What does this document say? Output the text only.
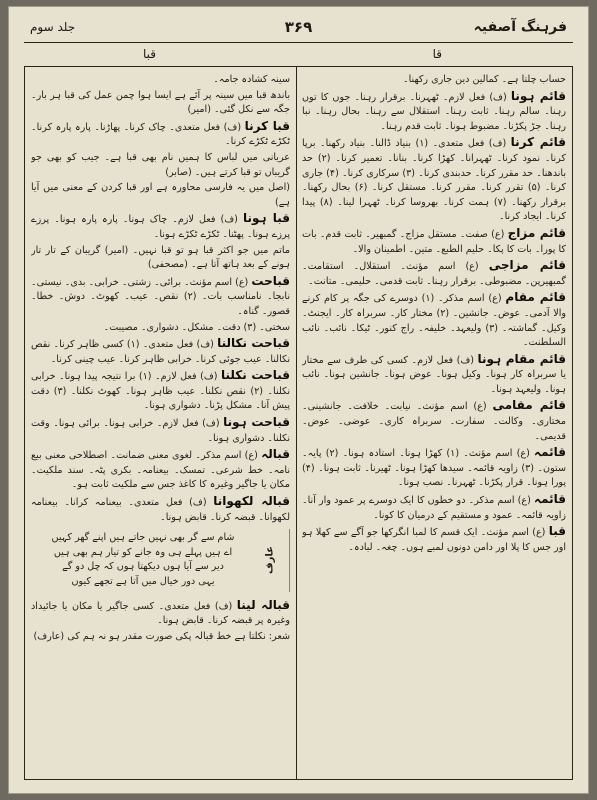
فرہنگ آصفیہ
۳۶۹
جلد سوم
قا
قبا
حساب چلتا ہے۔ کمالین دین جاری رکھنا۔
قائم ہونا (ف) فعل لازم۔ ٹھہرنا۔ برقرار رہنا۔ جوں کا توں رہنا۔ سالم رہنا۔ ثابت رہنا۔ استقلال سے رہنا۔ بحال رہنا۔ نبا رہنا۔ جڑ پکڑنا۔ مضبوط ہونا۔ ثابت قدم رہنا۔
قائم کرنا (ف) فعل متعدی۔ (۱) بنیاد ڈالنا۔ بنیاد رکھنا۔ برپا کرنا۔ نمود کرنا۔ ٹھہرانا۔ کھڑا کرنا۔ بنانا۔ تعمیر کرنا۔ (۲) حد باندھنا۔ حد مقرر کرنا۔ حدبندی کرنا۔ (۳) سرکاری کرنا۔ (۴) جاری کرنا۔ (۵) تقرر کرنا۔ مقرر کرنا۔ مستقل کرنا۔ (۶) بحال رکھنا۔ برقرار رکھنا۔ (۷) ہمت کرنا۔ بھروسا کرنا۔ ٹھہرا لینا۔ (۸) پیدا کرنا۔ ایجاد کرنا۔
قائم مزاج (ع) صفت۔ مستقل مزاج۔ گمبھیر۔ ثابت قدم۔ بات کا پورا۔ بات کا پکا۔ حلیم الطبع۔ متین۔ اطمینان والا۔
قائم مزاجی (ع) اسم مؤنث۔ استقلال۔ استقامت۔ گمبھیرپن۔ مضبوطی۔ برقرار رہنا۔ ثابت قدمی۔ حلیمی۔ متانت۔
قائم مقام (ع) اسم مذکر۔ (۱) دوسرے کی جگہ پر کام کرنے والا آدمی۔ عوض۔ جانشین۔ (۲) مختار کار۔ سربراہ کار۔ ایجنٹ۔ وکیل۔ گماشتہ۔ (۳) ولیعہد۔ خلیفہ۔ راج کنور۔ ٹیکا۔ نائب۔ نائب السلطنت۔
قائم مقام ہونا (ف) فعل لازم۔ کسی کی طرف سے مختار یا سربراہ کار ہونا۔ وکیل ہونا۔ عوض ہونا۔ جانشین ہونا۔ نائب ہونا۔ ولیعہد ہونا۔
قائم مقامی (ع) اسم مؤنث۔ نیابت۔ خلافت۔ جانشینی۔ مختاری۔ وکالت۔ سفارت۔ سربراہ کاری۔ عوضی۔ عوض۔ قدیمی۔
قائمہ (ع) اسم مؤنث۔ (۱) کھڑا ہونا۔ استادہ ہونا۔ (۲) پایہ۔ ستون۔ (۳) زاویہ قائمہ۔ سیدھا کھڑا ہونا۔ ٹھیرنا۔ ثابت ہونا۔ (۴) پورا ہونا۔ قرار پکڑنا۔ ٹھہرنا۔ نصب ہونا۔
قائمہ (ع) اسم مذکر۔ دو خطوں کا ایک دوسرے پر عمود وار آنا۔ زاویہ قائمہ۔ عمود و مستقیم کے درمیان کا کونا۔
قبا (ع) اسم مؤنث۔ ایک قسم کا لمبا انگرکھا جو آگے سے کھلا ہو اور جس کا پلا اور دامن دونوں لمبے ہوں۔ چغہ۔ لبادہ۔
سینہ کشادہ جامہ۔
باندھ قبا میں سینہ پر آئے ہے ایسا ہوا چمن عمل کی قبا ہر بار۔ جگہ سے نکل گئی۔ (امیر)
قبا کرنا (ف) فعل متعدی۔ چاک کرنا۔ پھاڑنا۔ پارہ پارہ کرنا۔ ٹکڑے ٹکڑے کرنا۔
عریانی میں لباس کا ہمیں نام بھی قبا ہے۔ جیب کو بھی جو گریباں تو قبا کرتے ہیں۔ (صابر)
(اصل میں یہ فارسی محاورہ ہے اور قبا کردن کے معنی میں آیا ہے)
قبا ہونا (ف) فعل لازم۔ چاک ہونا۔ پارہ پارہ ہونا۔ پرزے پرزے ہونا۔ پھٹنا۔ ٹکڑے ٹکڑے ہونا۔
ماتم میں جو اکثر قبا ہو تو قبا نہیں۔ (امیر) گریبان کے تار تار ہونے کے بعد ہاتھ آتا ہے۔ (مصحفی)
قباحت (ع) اسم مؤنث۔ برائی۔ زشتی۔ خرابی۔ بدی۔ نیستی۔ نابجا۔ نامناسب بات۔ (۲) نقص۔ عیب۔ کھوٹ۔ دوش۔ خطا۔ قصور۔ گناہ۔
سختی۔ (۳) دقت۔ مشکل۔ دشواری۔ مصیبت۔
قباحت نکالنا (ف) فعل متعدی۔ (۱) کسی ظاہر کرنا۔ نقص نکالنا۔ عیب جوئی کرنا۔ خرابی ظاہر کرنا۔ عیب چینی کرنا۔
قباحت نکلنا (ف) فعل لازم۔ (۱) برا نتیجہ پیدا ہونا۔ خرابی نکلنا۔ (۲) نقص نکلنا۔ عیب ظاہر ہونا۔ کھوٹ نکلنا۔ (۳) دقت پیش آنا۔ مشکل پڑنا۔ دشواری ہونا۔
قباحت ہونا (ف) فعل لازم۔ خرابی ہونا۔ برائی ہونا۔ وقت نکلنا۔ دشواری ہونا۔
قبالہ (ع) اسم مذکر۔ لغوی معنی ضمانت۔ اصطلاحی معنی بیع نامہ۔ خط شرعی۔ تمسک۔ بیعنامہ۔ بکری پٹہ۔ سند ملکیت۔ مکان یا جاگیر وغیرہ کا کاغذ جس سے ملکیت ثابت ہو۔
قبالہ لکھوانا (ف) فعل متعدی۔ بیعنامہ کرانا۔ بیعنامہ لکھوانا۔ قبضہ کرنا۔ قابض ہونا۔
عارف
شام سے گر بھی نہیں جاتے ہیں اپنے گھر کہیں
اے ہیں پہلے ہی وہ جانے کو تیار ہم بھی ہیں
دیر سے آیا ہوں دیکھتا ہوں کہ چل دو گے
یہی دور خیال میں آتا ہے تجھے کیوں
قبالہ لینا (ف) فعل متعدی۔ کسی جاگیر یا مکان یا جائیداد وغیرہ پر قبضہ کرنا۔ قابض ہونا۔
شعر: نکلتا ہے خط قبالہ پکی صورت مقدر ہو نہ ہم کی (عارف)
